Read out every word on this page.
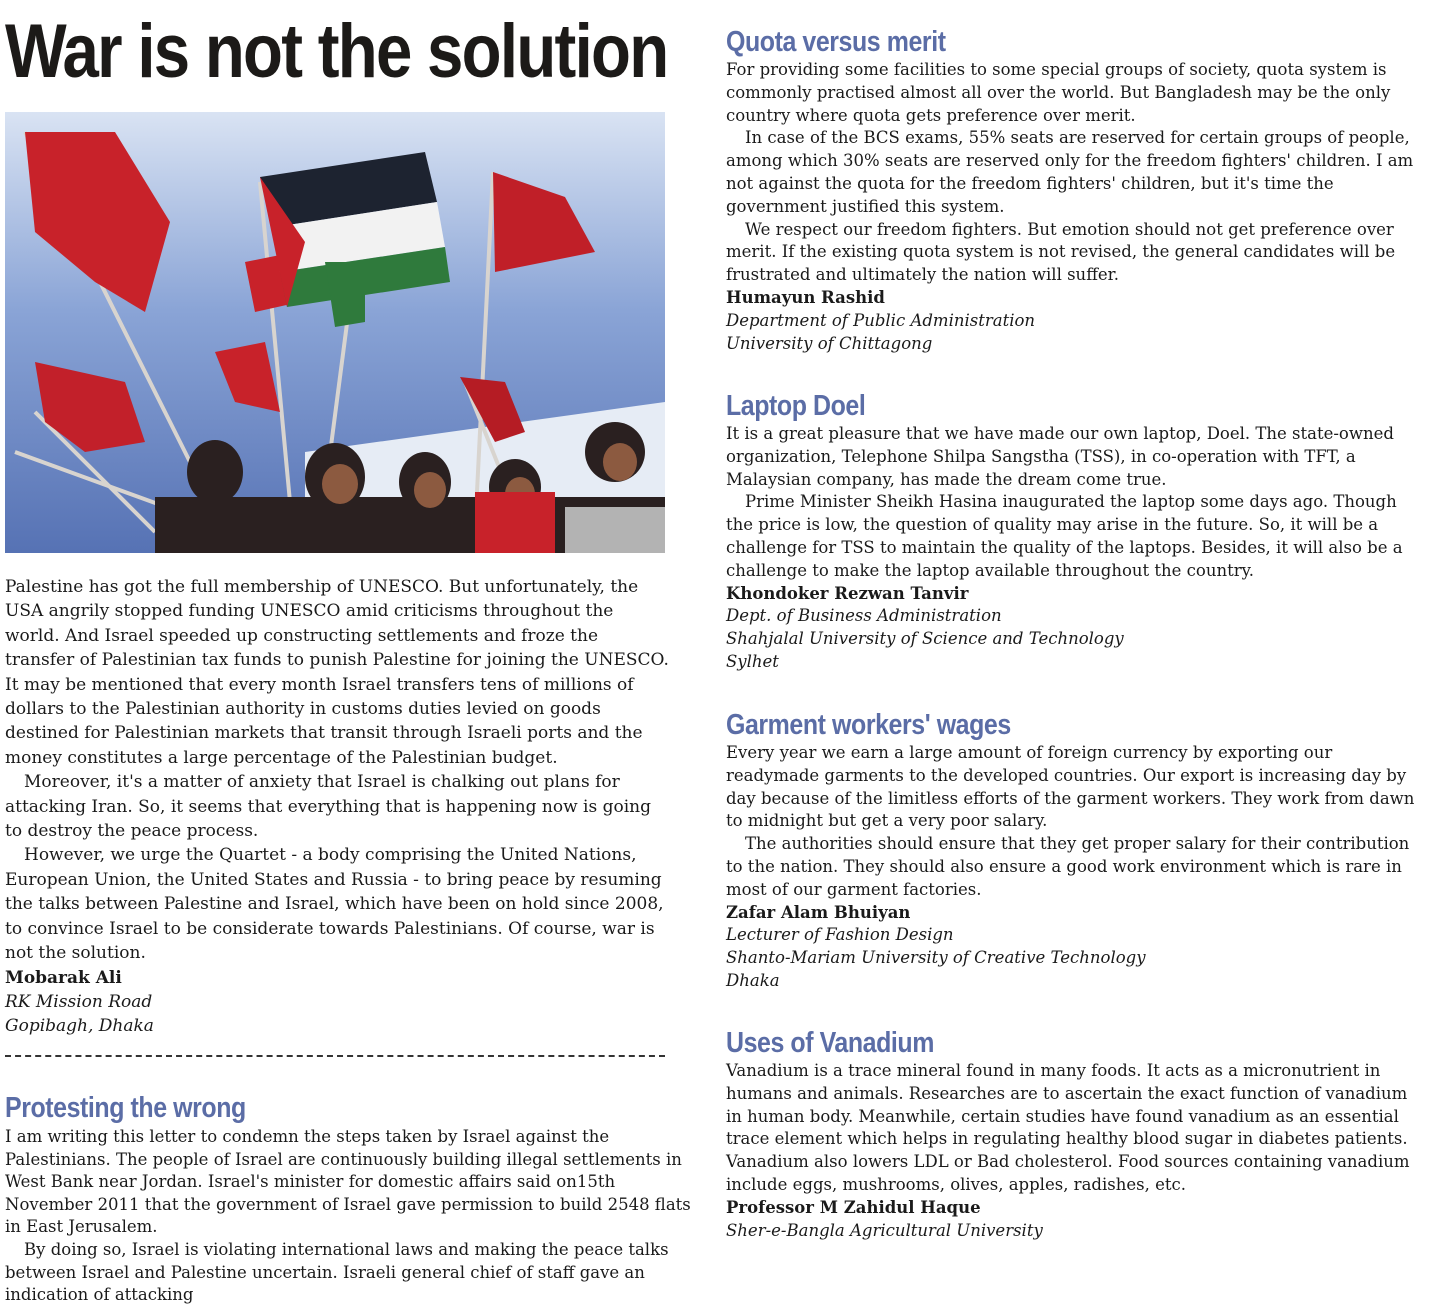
War is not the solution

Palestine has got the full membership of UNESCO. But unfortunately, the USA angrily stopped funding UNESCO amid criticisms throughout the world. And Israel speeded up constructing settlements and froze the transfer of Palestinian tax funds to punish Palestine for joining the UNESCO. It may be mentioned that every month Israel transfers tens of millions of dollars to the Palestinian authority in customs duties levied on goods destined for Palestinian markets that transit through Israeli ports and the money constitutes a large percentage of the Palestinian budget.

Moreover, it's a matter of anxiety that Israel is chalking out plans for attacking Iran. So, it seems that everything that is happening now is going to destroy the peace process.

However, we urge the Quartet - a body comprising the United Nations, European Union, the United States and Russia - to bring peace by resuming the talks between Palestine and Israel, which have been on hold since 2008, to convince Israel to be considerate towards Palestinians. Of course, war is not the solution.

Mobarak Ali
RK Mission Road
Gopibagh, Dhaka
Protesting the wrong

I am writing this letter to condemn the steps taken by Israel against the Palestinians. The people of Israel are continuously building illegal settlements in West Bank near Jordan. Israel's minister for domestic affairs said on15th November 2011 that the government of Israel gave permission to build 2548 flats in East Jerusalem.

By doing so, Israel is violating international laws and making the peace talks between Israel and Palestine uncertain. Israeli general chief of staff gave an indication of attacking

Quota versus merit

For providing some facilities to some special groups of society, quota system is commonly practised almost all over the world. But Bangladesh may be the only country where quota gets preference over merit.

In case of the BCS exams, 55% seats are reserved for certain groups of people, among which 30% seats are reserved only for the freedom fighters' children. I am not against the quota for the freedom fighters' children, but it's time the government justified this system.

We respect our freedom fighters. But emotion should not get preference over merit. If the existing quota system is not revised, the general candidates will be frustrated and ultimately the nation will suffer.

Humayun Rashid
Department of Public Administration
University of Chittagong
Laptop Doel

It is a great pleasure that we have made our own laptop, Doel. The state-owned organization, Telephone Shilpa Sangstha (TSS), in co-operation with TFT, a Malaysian company, has made the dream come true.

Prime Minister Sheikh Hasina inaugurated the laptop some days ago. Though the price is low, the question of quality may arise in the future. So, it will be a challenge for TSS to maintain the quality of the laptops. Besides, it will also be a challenge to make the laptop available throughout the country.

Khondoker Rezwan Tanvir
Dept. of Business Administration
Shahjalal University of Science and Technology
Sylhet
Garment workers' wages

Every year we earn a large amount of foreign currency by exporting our readymade garments to the developed countries. Our export is increasing day by day because of the limitless efforts of the garment workers. They work from dawn to midnight but get a very poor salary.

The authorities should ensure that they get proper salary for their contribution to the nation. They should also ensure a good work environment which is rare in most of our garment factories.

Zafar Alam Bhuiyan
Lecturer of Fashion Design
Shanto-Mariam University of Creative Technology
Dhaka
Uses of Vanadium

Vanadium is a trace mineral found in many foods. It acts as a micronutrient in humans and animals. Researches are to ascertain the exact function of vanadium in human body. Meanwhile, certain studies have found vanadium as an essential trace element which helps in regulating healthy blood sugar in diabetes patients. Vanadium also lowers LDL or Bad cholesterol. Food sources containing vanadium include eggs, mushrooms, olives, apples, radishes, etc.

Professor M Zahidul Haque
Sher-e-Bangla Agricultural University
